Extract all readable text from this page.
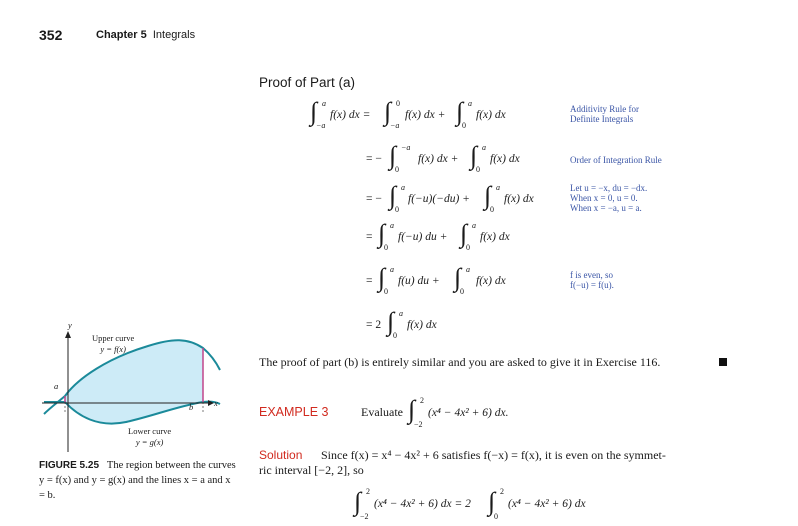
352	Chapter 5 Integrals
Proof of Part (a)
∫ a
−a
f(x) dx = ∫ 0
−a
f(x) dx + ∫ a
0
f(x) dx
= − ∫ −a
0
f(x) dx + ∫ a
0
f(x) dx
= − ∫ a
0
f(−u)(−du) + ∫ a
0
f(x) dx
= ∫ a
0
f(−u) du + ∫ a
0
f(x) dx
= ∫ a
0
f(u) du + ∫ a
0
f(x) dx
= 2 ∫ a
0
f(x) dx
Additivity Rule for
Definite Integrals
Order of Integration Rule
Let u = −x, du = −dx.
When x = 0, u = 0.
When x = −a, u = a.
f is even, so
f(−u) = f(u).
The proof of part (b) is entirely similar and you are asked to give it in Exercise 116.
EXAMPLE 3	Evaluate ∫ 2
−2
(x⁴ − 4x² + 6) dx.
Solution Since f(x) = x⁴ − 4x² + 6 satisfies f(−x) = f(x), it is even on the symmet-
ric interval [−2, 2], so
∫ 2
−2
(x⁴ − 4x² + 6) dx = 2 ∫ 2
0
(x⁴ − 4x² + 6) dx
y
x
a
b
Upper curve
y = f(x)
Lower curve
y = g(x)
FIGURE 5.25 The region between the curves y = f(x) and y = g(x) and the lines x = a and x = b.
